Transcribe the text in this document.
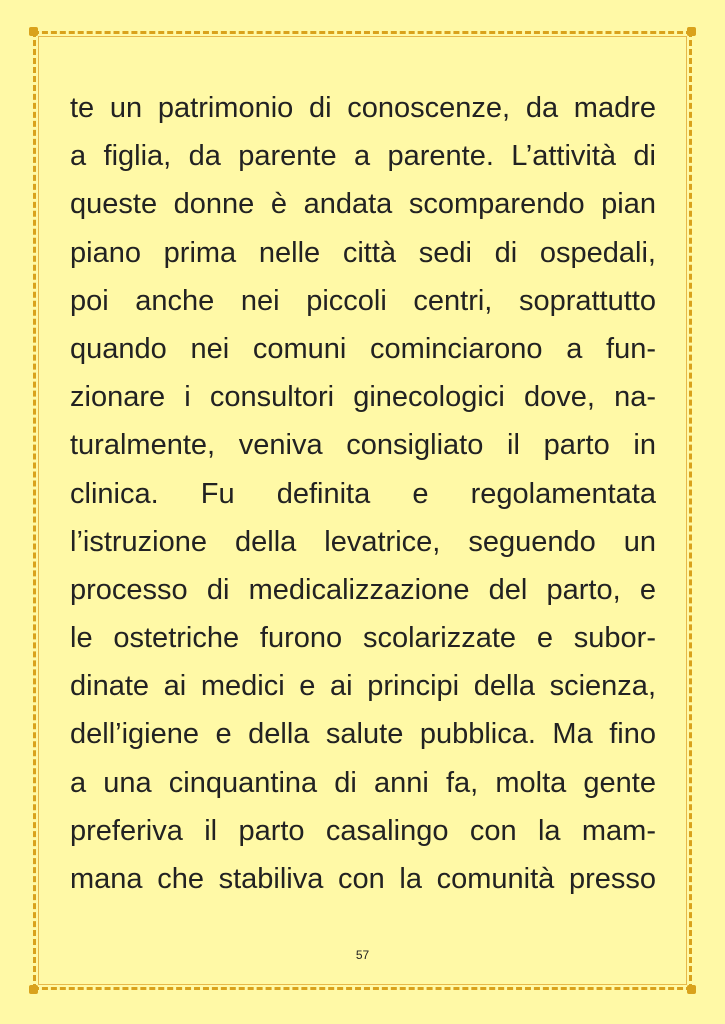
te un patrimonio di conoscenze, da madre
a figlia, da parente a parente. L’attività di
queste donne è andata scomparendo pian
piano prima nelle città sedi di ospedali,
poi anche nei piccoli centri, soprattutto
quando nei comuni cominciarono a fun-
zionare i consultori ginecologici dove, na-
turalmente, veniva consigliato il parto in
clinica. Fu definita e regolamentata
l’istruzione della levatrice, seguendo un
processo di medicalizzazione del parto, e
le ostetriche furono scolarizzate e subor-
dinate ai medici e ai principi della scienza,
dell’igiene e della salute pubblica. Ma fino
a una cinquantina di anni fa, molta gente
preferiva il parto casalingo con la mam-
mana che stabiliva con la comunità presso
57
